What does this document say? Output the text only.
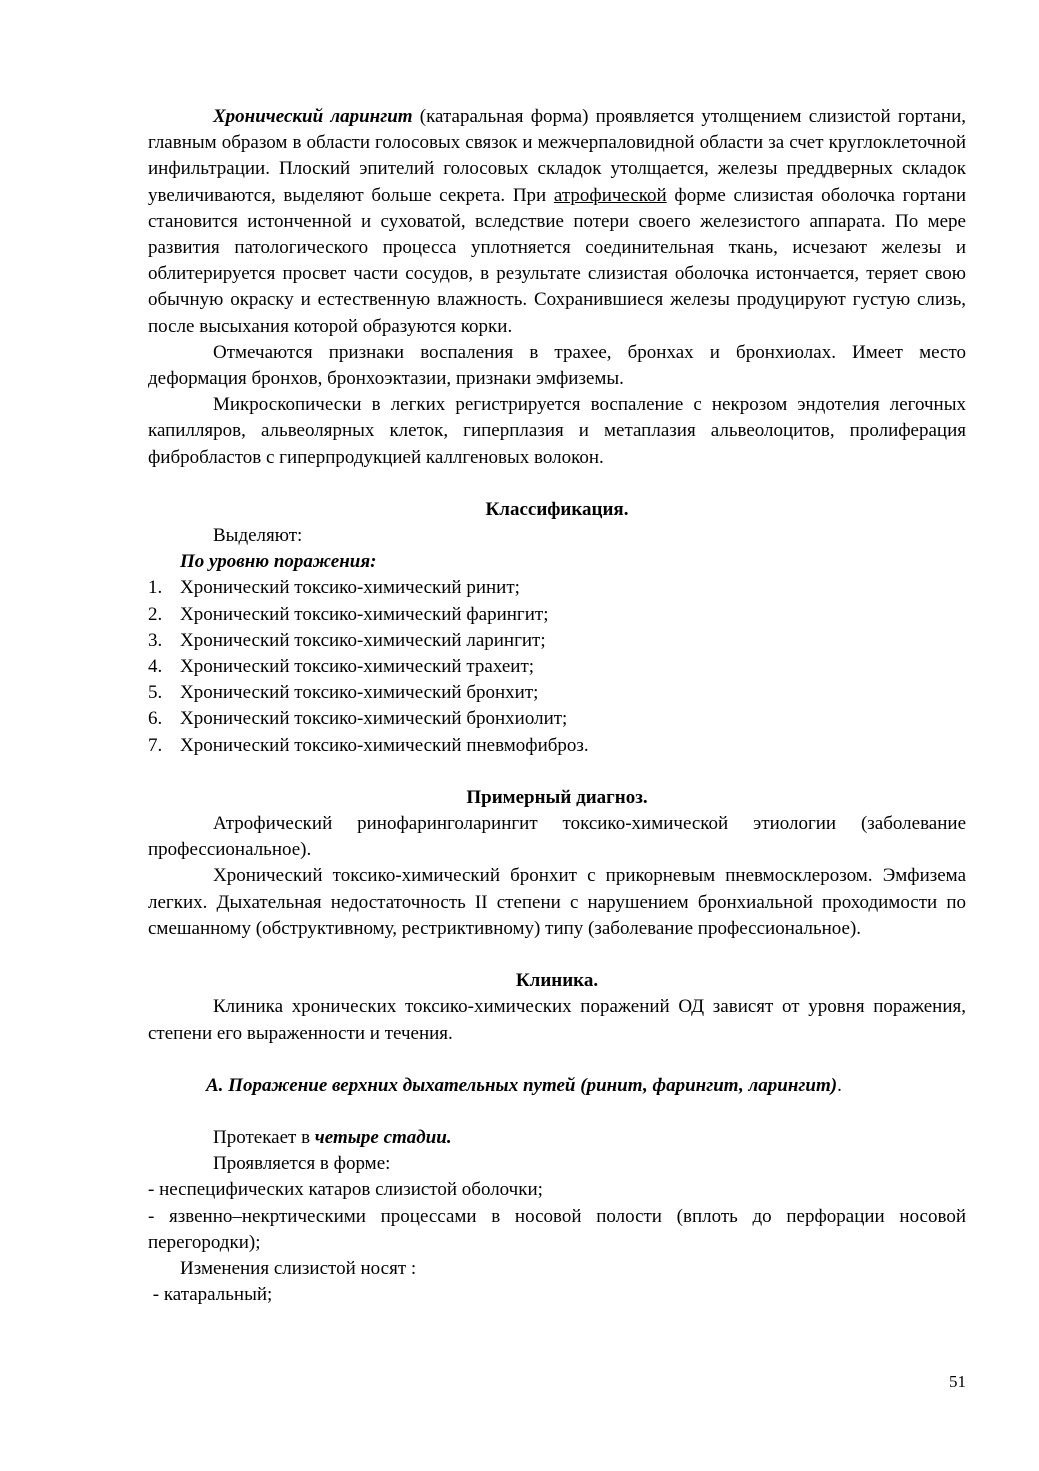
Хронический ларингит (катаральная форма) проявляется утолщением слизистой гортани, главным образом в области голосовых связок и межчерпаловидной области за счет круглоклеточной инфильтрации. Плоский эпителий голосовых складок утолщается, железы преддверных складок увеличиваются, выделяют больше секрета. При атрофической форме слизистая оболочка гортани становится истонченной и суховатой, вследствие потери своего железистого аппарата. По мере развития патологического процесса уплотняется соединительная ткань, исчезают железы и облитерируется просвет части сосудов, в результате слизистая оболочка истончается, теряет свою обычную окраску и естественную влажность. Сохранившиеся железы продуцируют густую слизь, после высыхания которой образуются корки.

Отмечаются признаки воспаления в трахее, бронхах и бронхиолах. Имеет место деформация бронхов, бронхоэктазии, признаки эмфиземы.

Микроскопически в легких регистрируется воспаление с некрозом эндотелия легочных капилляров, альвеолярных клеток, гиперплазия и метаплазия альвеолоцитов, пролиферация фибробластов с гиперпродукцией каллгеновых волокон.

Классификация.

Выделяют:

По уровню поражения:

1. Хронический токсико-химический ринит;
2. Хронический токсико-химический фарингит;
3. Хронический токсико-химический ларингит;
4. Хронический токсико-химический трахеит;
5. Хронический токсико-химический бронхит;
6. Хронический токсико-химический бронхиолит;
7. Хронический токсико-химический пневмофиброз.

Примерный диагноз.

Атрофический ринофаринголарингит токсико-химической этиологии (заболевание профессиональное).

Хронический токсико-химический бронхит с прикорневым пневмосклерозом. Эмфизема легких. Дыхательная недостаточность II степени с нарушением бронхиальной проходимости по смешанному (обструктивному, рестриктивному) типу (заболевание профессиональное).

Клиника.

Клиника хронических токсико-химических поражений ОД зависят от уровня поражения, степени его выраженности и течения.

А. Поражение верхних дыхательных путей (ринит, фарингит, ларингит).

Протекает в четыре стадии.

Проявляется в форме:

- неспецифических катаров слизистой оболочки;

- язвенно–некртическими процессами в носовой полости (вплоть до перфорации носовой перегородки);

Изменения слизистой носят :

- катаральный;

51
